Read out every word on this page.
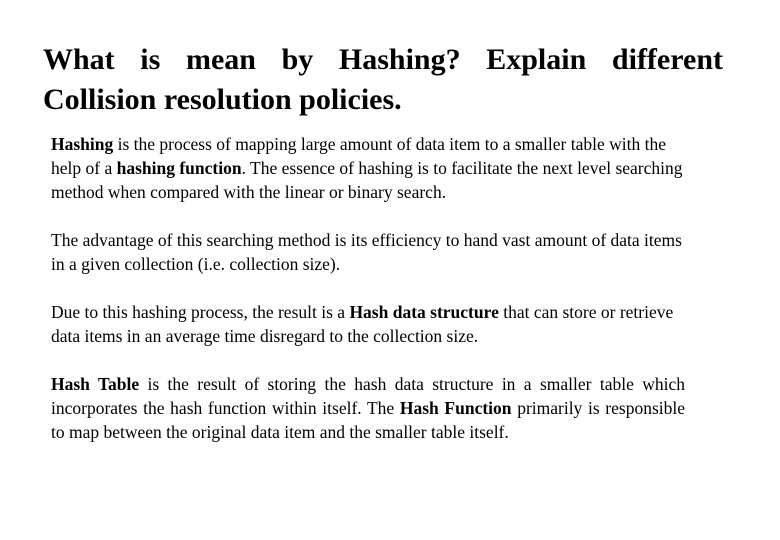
What is mean by Hashing? Explain different Collision resolution policies.

Hashing is the process of mapping large amount of data item to a smaller table with the help of a hashing function. The essence of hashing is to facilitate the next level searching method when compared with the linear or binary search.

The advantage of this searching method is its efficiency to hand vast amount of data items in a given collection (i.e. collection size).

Due to this hashing process, the result is a Hash data structure that can store or retrieve data items in an average time disregard to the collection size.

Hash Table is the result of storing the hash data structure in a smaller table which incorporates the hash function within itself. The Hash Function primarily is responsible to map between the original data item and the smaller table itself.
